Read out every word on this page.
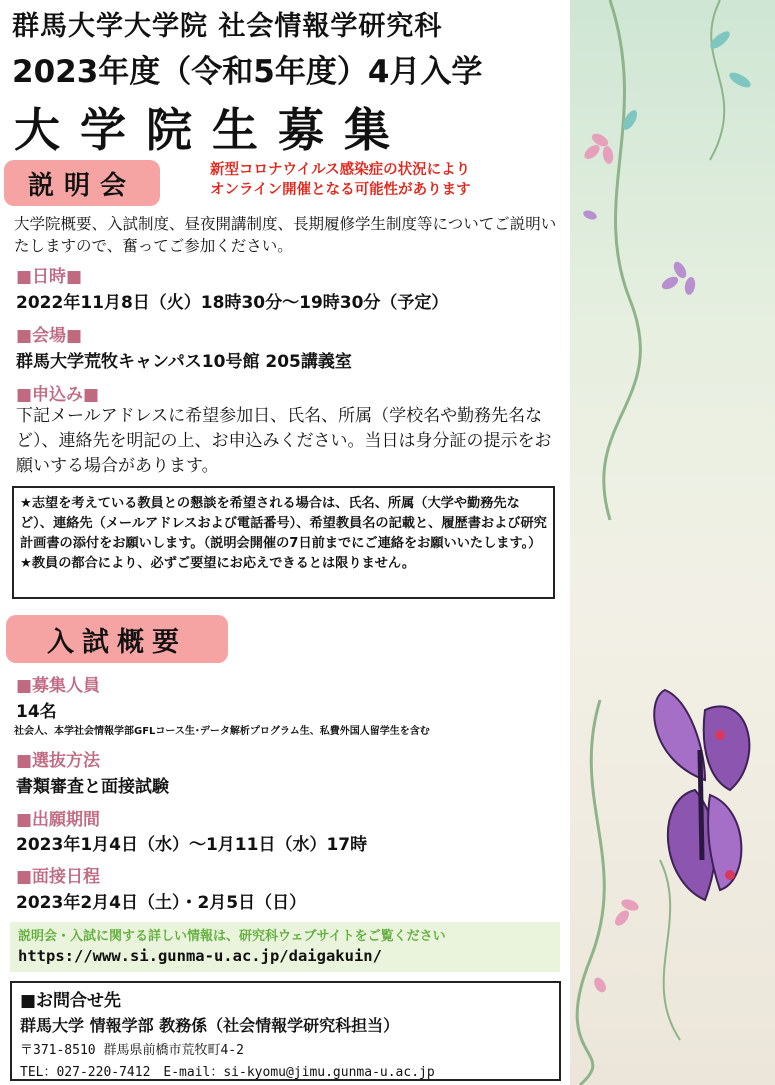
群馬大学大学院 社会情報学研究科
2023年度（令和5年度）4月入学
大学院生募集
説明会
新型コロナウイルス感染症の状況により
オンライン開催となる可能性があります
大学院概要、入試制度、昼夜開講制度、長期履修学生制度等についてご説明いたしますので、奮ってご参加ください。
■日時■
2022年11月8日（火）18時30分～19時30分（予定）
■会場■
群馬大学荒牧キャンパス10号館 205講義室
■申込み■
下記メールアドレスに希望参加日、氏名、所属（学校名や勤務先名など）、連絡先を明記の上、お申込みください。当日は身分証の提示をお願いする場合があります。
★志望を考えている教員との懇談を希望される場合は、氏名、所属（大学や勤務先など）、連絡先（メールアドレスおよび電話番号）、希望教員名の記載と、履歴書および研究計画書の添付をお願いします。（説明会開催の7日前までにご連絡をお願いいたします。）
★教員の都合により、必ずご要望にお応えできるとは限りません。
入試概要
■募集人員
14名
社会人、本学社会情報学部GFLコース生･データ解析プログラム生、私費外国人留学生を含む
■選抜方法
書類審査と面接試験
■出願期間
2023年1月4日（水）～1月11日（水）17時
■面接日程
2023年2月4日（土）・2月5日（日）
説明会・入試に関する詳しい情報は、研究科ウェブサイトをご覧ください
https://www.si.gunma-u.ac.jp/daigakuin/
■お問合せ先
群馬大学 情報学部 教務係（社会情報学研究科担当）
〒371-8510 群馬県前橋市荒牧町4-2
TEL：027-220-7412　E-mail：si-kyomu@jimu.gunma-u.ac.jp
